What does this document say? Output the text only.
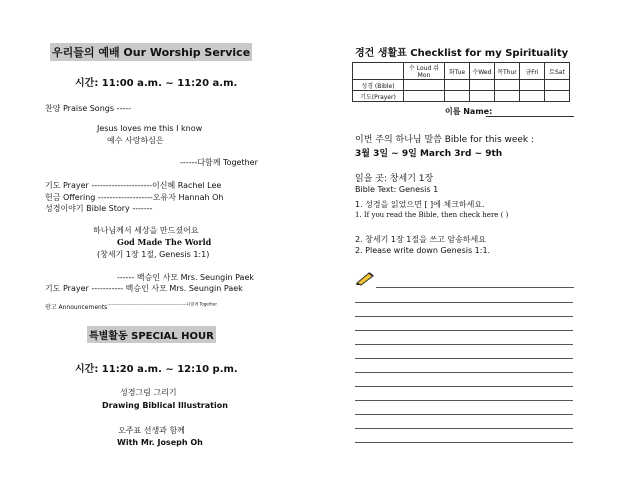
우리들의 예배 Our Worship Service
시간: 11:00 a.m. ~ 11:20 a.m.
찬양 Praise Songs -----
Jesus loves me this I know
예수 사랑하심은
------다함께 Together
기도 Prayer ---------------------이신혜 Rachel Lee
헌금 Offering -------------------오유자 Hannah Oh
성경이야기 Bible Story -------
하나님께서 세상을 만드셨어요
God Made The World
(창세기 1장 1절, Genesis 1:1)
------ 백승인 사모 Mrs. Seungin Paek
기도 Prayer ----------- 백승인 사모 Mrs. Seungin Paek
광고 Announcements-------------------------------------------------------다함께 Together
특별활동 SPECIAL HOUR
시간: 11:20 a.m. ~ 12:10 p.m.
성경그림 그리기
Drawing Biblical Illustration
오주표 선생과 함께
With Mr. Joseph Oh
경건 생활표 Checklist for my Spirituality
	수 Loud 쉬Mon	화Tue	수Wed	목Thur	금Fri	토Sat
성경 (Bible)						
기도(Prayer)						
이름 Name:
이번 주의 하나님 말씀 Bible for this week :
3월 3일 ~ 9일 March 3rd ~ 9th
읽을 곳: 창세기 1장
Bible Text: Genesis 1
1. 성경을 읽었으면 [ ]에 체크하세요.
1. If you read the Bible, then check here ( )
2. 창세기 1장 1절을 쓰고 암송하세요
2. Please write down Genesis 1:1.
